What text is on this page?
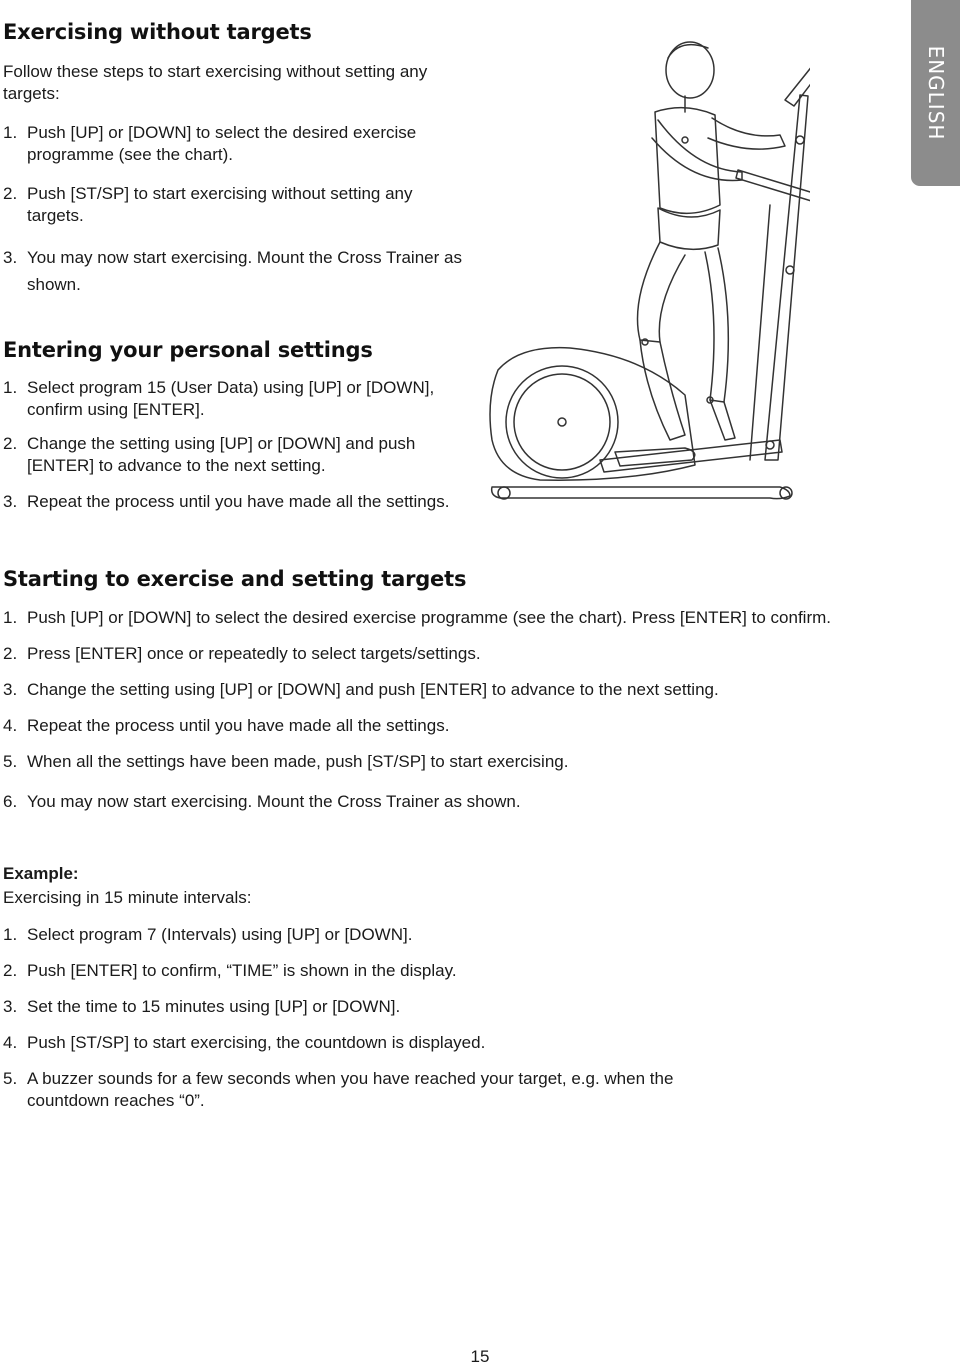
ENGLISH
Exercising without targets

Follow these steps to start exercising without setting any targets:

1. Push [UP] or [DOWN] to select the desired exercise programme (see the chart).
2. Push [ST/SP] to start exercising without setting any targets.
3. You may now start exercising. Mount the Cross Trainer as shown.
Entering your personal settings
1. Select program 15 (User Data) using [UP] or [DOWN], confirm using [ENTER].
2. Change the setting using [UP] or [DOWN] and push [ENTER] to advance to the next setting.
3. Repeat the process until you have made all the settings.
Starting to exercise and setting targets
1. Push [UP] or [DOWN] to select the desired exercise programme (see the chart). Press [ENTER] to confirm.
2. Press [ENTER] once or repeatedly to select targets/settings.
3. Change the setting using [UP] or [DOWN] and push [ENTER] to advance to the next setting.
4. Repeat the process until you have made all the settings.
5. When all the settings have been made, push [ST/SP] to start exercising.
6. You may now start exercising. Mount the Cross Trainer as shown.
Example:

Exercising in 15 minute intervals:

1. Select program 7 (Intervals) using [UP] or [DOWN].
2. Push [ENTER] to confirm, “TIME” is shown in the display.
3. Set the time to 15 minutes using [UP] or [DOWN].
4. Push [ST/SP] to start exercising, the countdown is displayed.
5. A buzzer sounds for a few seconds when you have reached your target, e.g. when the countdown reaches “0”.
15
